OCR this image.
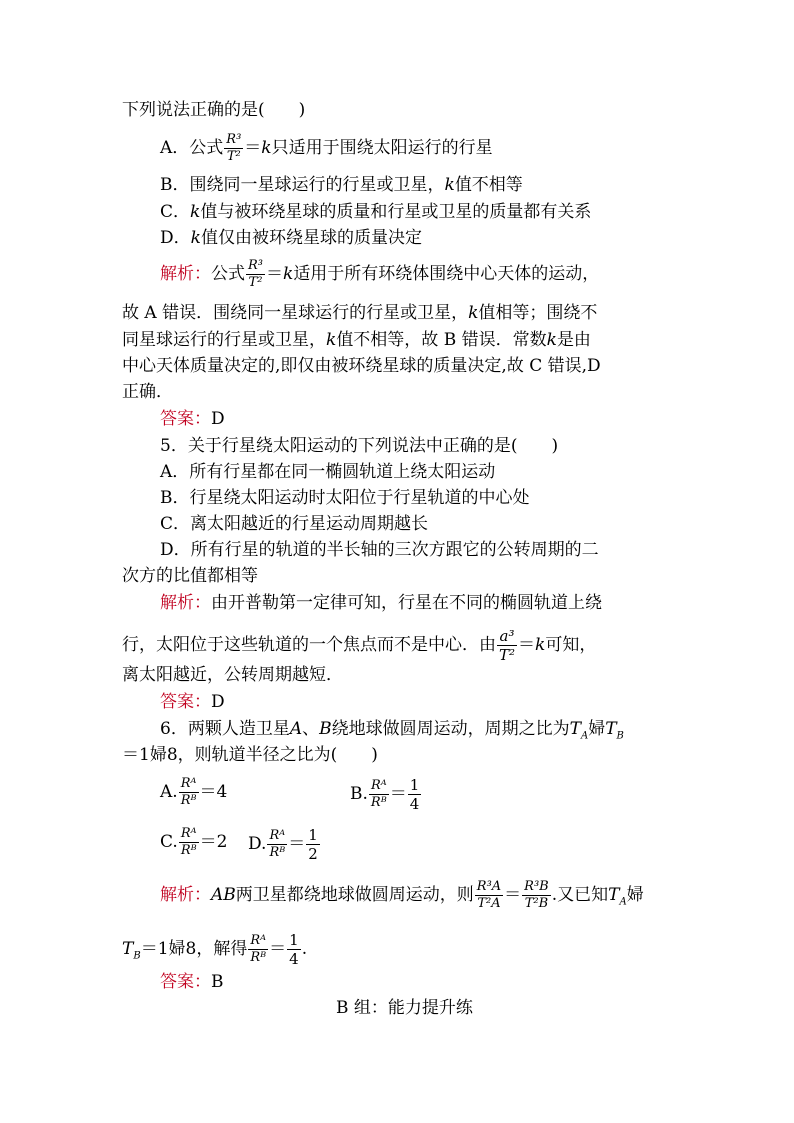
下列说法正确的是(　　)
A．公式 $\frac{\text{R³}}{\text{T²}} =k$只适用于围绕太阳运行的行星
B．围绕同一星球运行的行星或卫星，k值不相等
C．k值与被环绕星球的质量和行星或卫星的质量都有关系
D．k值仅由被环绕星球的质量决定
解析：公式 $\frac{\text{R³}}{\text{T²}} =k$适用于所有环绕体围绕中心天体的运动，
故 A 错误．围绕同一星球运行的行星或卫星，k值相等；围绕不
同星球运行的行星或卫星，k值不相等，故 B 错误．常数k是由
中心天体质量决定的,即仅由被环绕星球的质量决定,故 C 错误,D
正确．
答案：D
5．关于行星绕太阳运动的下列说法中正确的是(　　)
A．所有行星都在同一椭圆轨道上绕太阳运动
B．行星绕太阳运动时太阳位于行星轨道的中心处
C．离太阳越近的行星运动周期越长
D．所有行星的轨道的半长轴的三次方跟它的公转周期的二
次方的比值都相等
解析：由开普勒第一定律可知，行星在不同的椭圆轨道上绕
行，太阳位于这些轨道的一个焦点而不是中心．由 $\frac{\text{a³}}{\text{T²}} =k$可知，
离太阳越近，公转周期越短．
答案：D
6．两颗人造卫星A、B绕地球做圆周运动，周期之比为$T_A$婦$T_B$
＝1婦8，则轨道半径之比为(　　)
A. $\frac{\text{Rᴬ}}{\text{Rᴮ}} =4$	B. $\frac{\text{Rᴬ}}{\text{Rᴮ}} = \frac{1}{4}$
C. $\frac{\text{Rᴬ}}{\text{Rᴮ}} =2$ D. $\frac{\text{Rᴬ}}{\text{Rᴮ}} = \frac{1}{2}$
解析：AB两卫星都绕地球做圆周运动，则 $\frac{\text{R³A}}{\text{T²A}} = \frac{\text{R³B}}{\text{T²B}}$ .又已知$T_A$婦
$T_B=1$婦8，解得 $\frac{\text{Rᴬ}}{\text{Rᴮ}} = \frac{1}{4}$ .
答案：B
B 组：能力提升练
